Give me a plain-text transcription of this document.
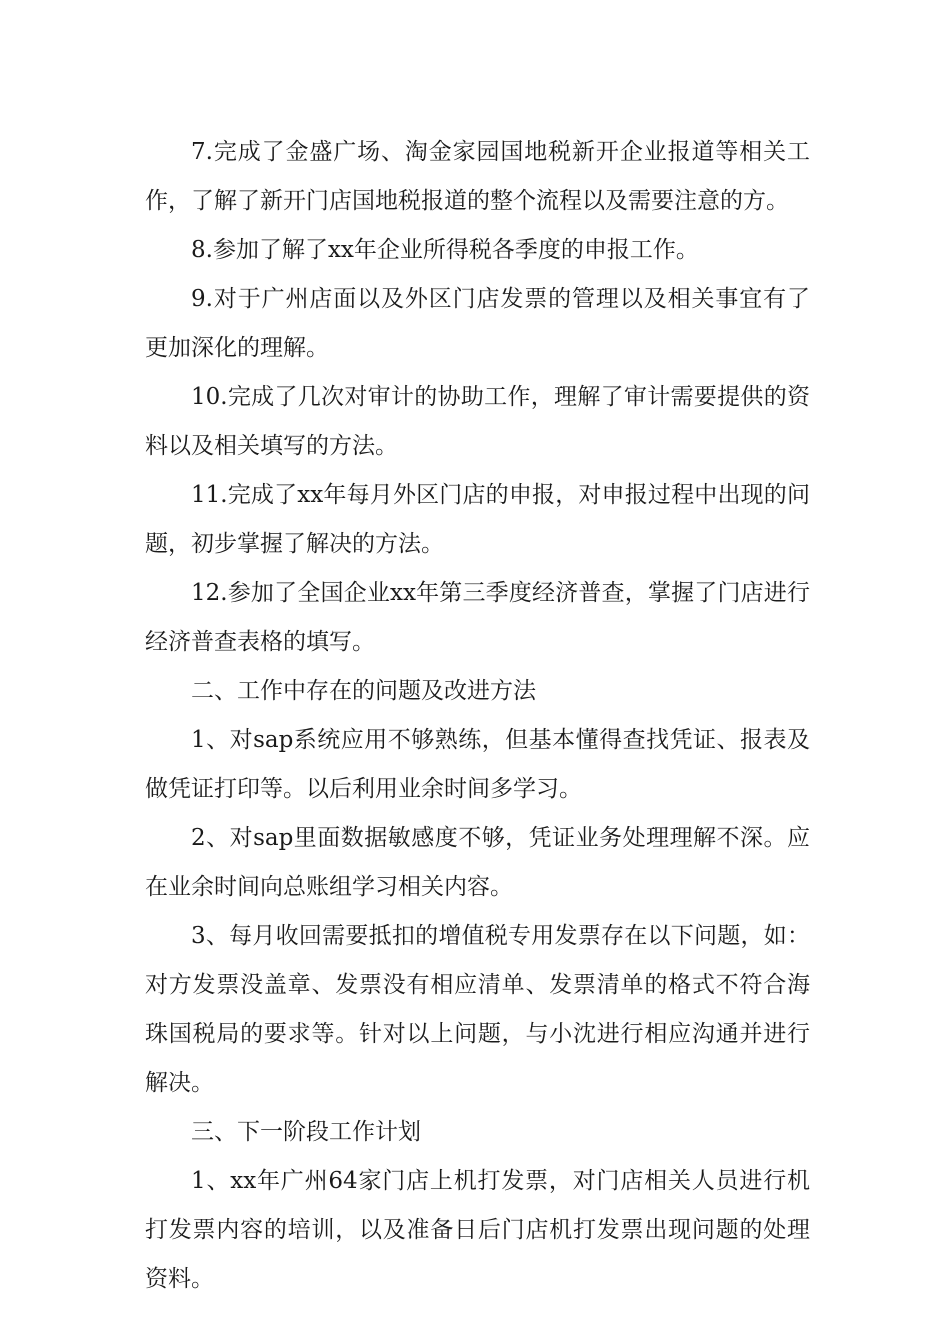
7.完成了金盛广场、淘金家园国地税新开企业报道等相关工作，了解了新开门店国地税报道的整个流程以及需要注意的方。

8.参加了解了xx年企业所得税各季度的申报工作。

9.对于广州店面以及外区门店发票的管理以及相关事宜有了更加深化的理解。

10.完成了几次对审计的协助工作，理解了审计需要提供的资料以及相关填写的方法。

11.完成了xx年每月外区门店的申报，对申报过程中出现的问题，初步掌握了解决的方法。

12.参加了全国企业xx年第三季度经济普查，掌握了门店进行经济普查表格的填写。

二、工作中存在的问题及改进方法

1、对sap系统应用不够熟练，但基本懂得查找凭证、报表及做凭证打印等。以后利用业余时间多学习。

2、对sap里面数据敏感度不够，凭证业务处理理解不深。应在业余时间向总账组学习相关内容。

3、每月收回需要抵扣的增值税专用发票存在以下问题，如：对方发票没盖章、发票没有相应清单、发票清单的格式不符合海珠国税局的要求等。针对以上问题，与小沈进行相应沟通并进行解决。

三、下一阶段工作计划

1、xx年广州64家门店上机打发票，对门店相关人员进行机打发票内容的培训，以及准备日后门店机打发票出现问题的处理资料。
